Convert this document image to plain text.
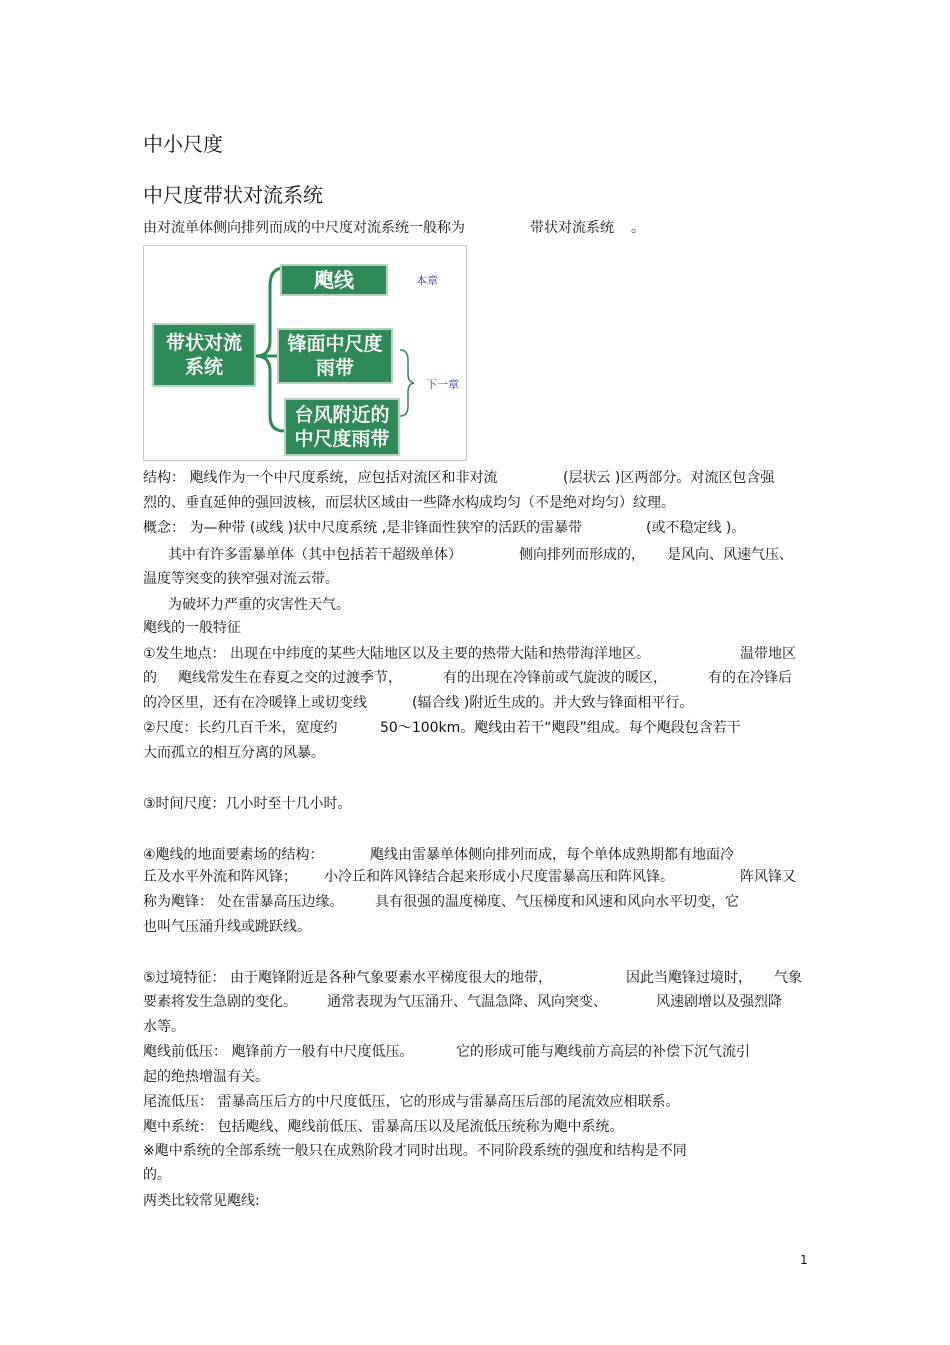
中小尺度
中尺度带状对流系统
由对流单体侧向排列而成的中尺度对流系统一般称为	带状对流系统 。
带状对流
系统
飑线
锋面中尺度
雨带
台风附近的
中尺度雨带
本章
下一章
结构： 飑线作为一个中尺度系统，应包括对流区和非对流	(层状云 )区两部分。对流区包含强
烈的、垂直延伸的强回波核，而层状区域由一些降水构成均匀（不是绝对均匀）纹理。
概念： 为—种带 (或线 )状中尺度系统 ,是非锋面性狭窄的活跃的雷暴带	(或不稳定线 )。
其中有许多雷暴单体（其中包括若干超级单体）	侧向排列而形成的， 是风向、风速气压、
温度等突变的狭窄强对流云带。
为破坏力严重的灾害性天气。
飑线的一般特征
①发生地点： 出现在中纬度的某些大陆地区以及主要的热带大陆和热带海洋地区。	温带地区
的 飑线常发生在春夏之交的过渡季节，	有的出现在冷锋前或气旋波的暖区，	有的在冷锋后
的冷区里，还有在冷暖锋上或切变线	(辐合线 )附近生成的。并大致与锋面相平行。
②尺度：长约几百千米，宽度约	50～100km。飑线由若干“飑段”组成。每个飑段包含若干
大而孤立的相互分离的风暴。
③时间尺度：几小时至十几小时。
④飑线的地面要素场的结构：	飑线由雷暴单体侧向排列而成，每个单体成熟期都有地面冷
丘及水平外流和阵风锋； 小冷丘和阵风锋结合起来形成小尺度雷暴高压和阵风锋。	阵风锋又
称为飑锋： 处在雷暴高压边缘。 具有很强的温度梯度、气压梯度和风速和风向水平切变，它
也叫气压涌升线或跳跃线。
⑤过境特征： 由于飑锋附近是各种气象要素水平梯度很大的地带，	因此当飑锋过境时， 气象
要素将发生急剧的变化。 通常表现为气压涌升、气温急降、风向突变、	风速剧增以及强烈降
水等。
飑线前低压： 飑锋前方一般有中尺度低压。	它的形成可能与飑线前方高层的补偿下沉气流引
起的绝热增温有关。
尾流低压： 雷暴高压后方的中尺度低压，它的形成与雷暴高压后部的尾流效应相联系。
飑中系统： 包括飑线、飑线前低压、雷暴高压以及尾流低压统称为飑中系统。
※飑中系统的全部系统一般只在成熟阶段才同时出现。不同阶段系统的强度和结构是不同
的。
两类比较常见飑线:
1
